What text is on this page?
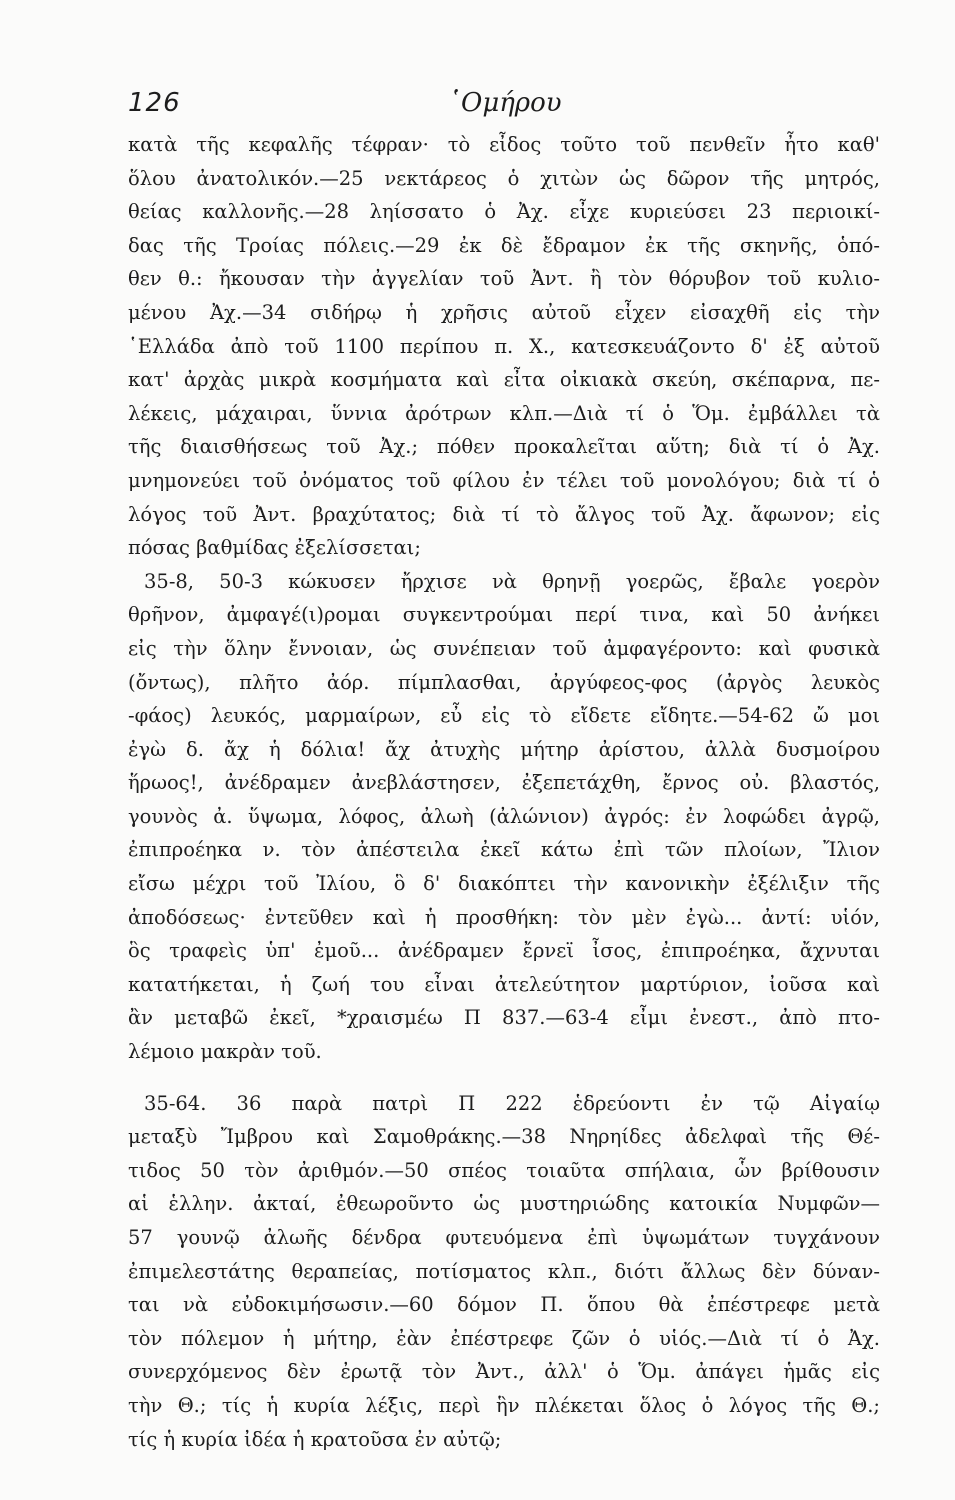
126	῾Ομήρου
κατὰ τῆς κεφαλῆς τέφραν· τὸ εἶδος τοῦτο τοῦ πενθεῖν ἦτο καθ'
ὅλου ἀνατολικόν.—25 νεκτάρεος ὁ χιτὼν ὡς δῶρον τῆς μητρός,
θείας καλλονῆς.—28 ληίσσατο ὁ Ἀχ. εἶχε κυριεύσει 23 περιοικί-
δας τῆς Τροίας πόλεις.—29 ἐκ δὲ ἔδραμον ἐκ τῆς σκηνῆς, ὁπό-
θεν θ.: ἤκουσαν τὴν ἀγγελίαν τοῦ Ἀντ. ἢ τὸν θόρυβον τοῦ κυλιο-
μένου Ἀχ.—34 σιδήρῳ ἡ χρῆσις αὐτοῦ εἶχεν εἰσαχθῆ εἰς τὴν
῾Ελλάδα ἀπὸ τοῦ 1100 περίπου π. Χ., κατεσκευάζοντο δ' ἐξ αὐτοῦ
κατ' ἀρχὰς μικρὰ κοσμήματα καὶ εἶτα οἰκιακὰ σκεύη, σκέπαρνα, πε-
λέκεις, μάχαιραι, ὕννια ἀρότρων κλπ.—Διὰ τί ὁ Ὅμ. ἐμβάλλει τὰ
τῆς διαισθήσεως τοῦ Ἀχ.; πόθεν προκαλεῖται αὕτη; διὰ τί ὁ Ἀχ.
μνημονεύει τοῦ ὀνόματος τοῦ φίλου ἐν τέλει τοῦ μονολόγου; διὰ τί ὁ
λόγος τοῦ Ἀντ. βραχύτατος; διὰ τί τὸ ἄλγος τοῦ Ἀχ. ἄφωνον; εἰς
πόσας βαθμίδας ἐξελίσσεται;
35-8, 50-3 κώκυσεν ἤρχισε νὰ θρηνῇ γοερῶς, ἔβαλε γοερὸν
θρῆνον, ἀμφαγέ(ι)ρομαι συγκεντρούμαι περί τινα, καὶ 50 ἀνήκει
εἰς τὴν ὅλην ἔννοιαν, ὡς συνέπειαν τοῦ ἀμφαγέροντο: καὶ φυσικὰ
(ὄντως), πλῆτο ἀόρ. πίμπλασθαι, ἀργύφεος-φος (ἀργὸς λευκὸς
-φάος) λευκός, μαρμαίρων, εὖ εἰς τὸ εἴδετε εἴδητε.—54-62 ὤ μοι
ἐγὼ δ. ἄχ ἡ δόλια! ἄχ ἀτυχὴς μήτηρ ἀρίστου, ἀλλὰ δυσμοίρου
ἥρωος!, ἀνέδραμεν ἀνεβλάστησεν, ἐξεπετάχθη, ἔρνος οὐ. βλαστός,
γουνὸς ἀ. ὕψωμα, λόφος, ἀλωὴ (ἀλώνιον) ἀγρός: ἐν λοφώδει ἀγρῷ,
ἐπιπροέηκα ν. τὸν ἀπέστειλα ἐκεῖ κάτω ἐπὶ τῶν πλοίων, Ἴλιον
εἴσω μέχρι τοῦ Ἰλίου, ὃ δ' διακόπτει τὴν κανονικὴν ἐξέλιξιν τῆς
ἀποδόσεως· ἐντεῦθεν καὶ ἡ προσθήκη: τὸν μὲν ἐγὼ... ἀντί: υἱόν,
ὃς τραφεὶς ὑπ' ἐμοῦ... ἀνέδραμεν ἔρνεϊ ἶσος, ἐπιπροέηκα, ἄχνυται
κατατήκεται, ἡ ζωή του εἶναι ἀτελεύτητον μαρτύριον, ἰοῦσα καὶ
ἂν μεταβῶ ἐκεῖ, *χραισμέω Π 837.—63-4 εἶμι ἐνεστ., ἀπὸ πτο-
λέμοιο μακρὰν τοῦ.
35-64. 36 παρὰ πατρὶ Π 222 ἑδρεύοντι ἐν τῷ Αἰγαίῳ
μεταξὺ Ἴμβρου καὶ Σαμοθράκης.—38 Νηρηίδες ἀδελφαὶ τῆς Θέ-
τιδος 50 τὸν ἀριθμόν.—50 σπέος τοιαῦτα σπήλαια, ὧν βρίθουσιν
αἱ ἑλλην. ἀκταί, ἐθεωροῦντο ὡς μυστηριώδης κατοικία Νυμφῶν—
57 γουνῷ ἀλωῆς δένδρα φυτευόμενα ἐπὶ ὑψωμάτων τυγχάνουν
ἐπιμελεστάτης θεραπείας, ποτίσματος κλπ., διότι ἄλλως δὲν δύναν-
ται νὰ εὐδοκιμήσωσιν.—60 δόμον Π. ὅπου θὰ ἐπέστρεφε μετὰ
τὸν πόλεμον ἡ μήτηρ, ἐὰν ἐπέστρεφε ζῶν ὁ υἱός.—Διὰ τί ὁ Ἀχ.
συνερχόμενος δὲν ἐρωτᾷ τὸν Ἀντ., ἀλλ' ὁ Ὅμ. ἀπάγει ἡμᾶς εἰς
τὴν Θ.; τίς ἡ κυρία λέξις, περὶ ἣν πλέκεται ὅλος ὁ λόγος τῆς Θ.;
τίς ἡ κυρία ἰδέα ἡ κρατοῦσα ἐν αὐτῷ;
